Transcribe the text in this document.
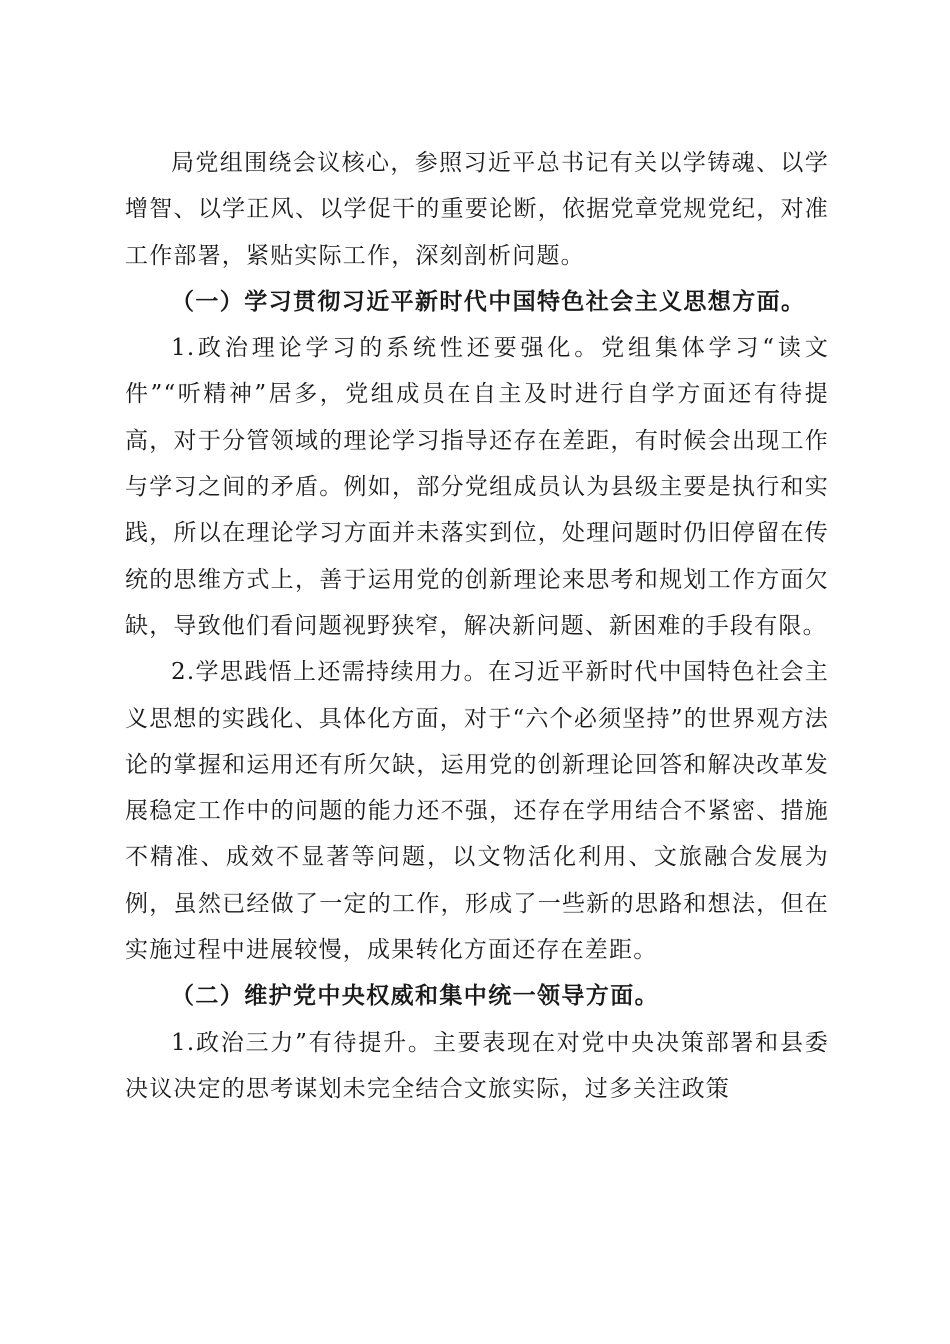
局党组围绕会议核心，参照习近平总书记有关以学铸魂、以学增智、以学正风、以学促干的重要论断，依据党章党规党纪，对准工作部署，紧贴实际工作，深刻剖析问题。

（一）学习贯彻习近平新时代中国特色社会主义思想方面。

1.政治理论学习的系统性还要强化。党组集体学习“读文件”“听精神”居多，党组成员在自主及时进行自学方面还有待提高，对于分管领域的理论学习指导还存在差距，有时候会出现工作与学习之间的矛盾。例如，部分党组成员认为县级主要是执行和实践，所以在理论学习方面并未落实到位，处理问题时仍旧停留在传统的思维方式上，善于运用党的创新理论来思考和规划工作方面欠缺，导致他们看问题视野狭窄，解决新问题、新困难的手段有限。

2.学思践悟上还需持续用力。在习近平新时代中国特色社会主义思想的实践化、具体化方面，对于“六个必须坚持”的世界观方法论的掌握和运用还有所欠缺，运用党的创新理论回答和解决改革发展稳定工作中的问题的能力还不强，还存在学用结合不紧密、措施不精准、成效不显著等问题，以文物活化利用、文旅融合发展为例，虽然已经做了一定的工作，形成了一些新的思路和想法，但在实施过程中进展较慢，成果转化方面还存在差距。

（二）维护党中央权威和集中统一领导方面。

1.政治三力”有待提升。主要表现在对党中央决策部署和县委决议决定的思考谋划未完全结合文旅实际，过多关注政策
